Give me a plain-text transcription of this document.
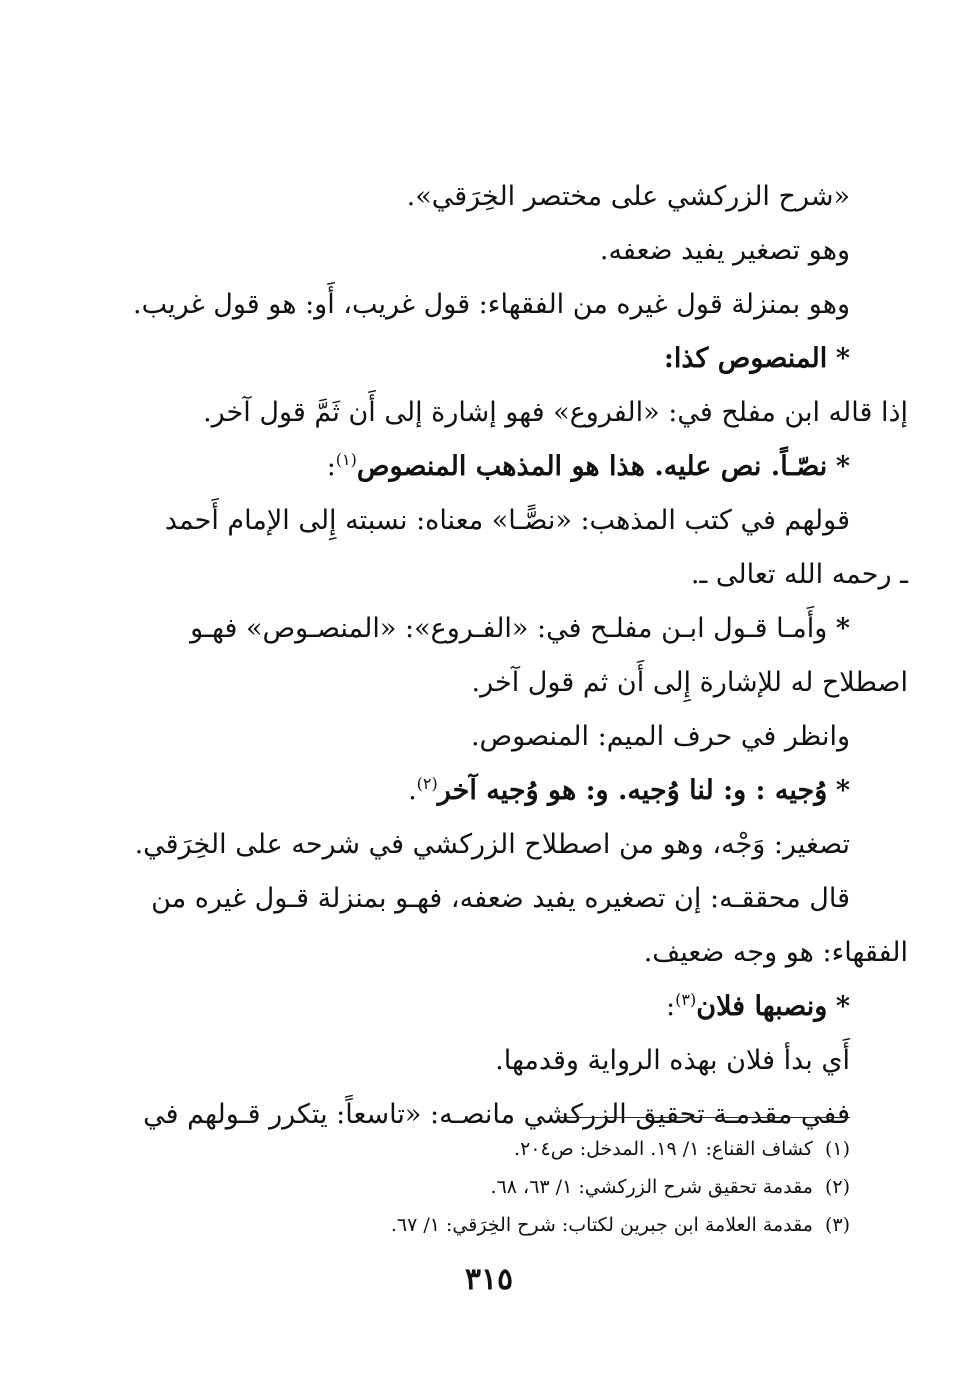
«شرح الزركشي على مختصر الخِرَقي».
وهو تصغير يفيد ضعفه.
وهو بمنزلة قول غيره من الفقهاء: قول غريب، أَو: هو قول غريب.
* المنصوص كذا:
إذا قاله ابن مفلح في: «الفروع» فهو إشارة إلى أَن ثَمَّ قول آخر.
* نصّـاً. نص عليه. هذا هو المذهب المنصوص$^{(١)}$:
قولهم في كتب المذهب: «نصًّـا» معناه: نسبته إِلى الإمام أَحمد
ـ رحمه الله تعالى ـ.
* وأَمـا قـول ابـن مفلـح في: «الفـروع»: «المنصـوص» فهـو
اصطلاح له للإشارة إِلى أَن ثم قول آخر.
وانظر في حرف الميم: المنصوص.
* وُجيه : و: لنا وُجيه. و: هو وُجيه آخر$^{(٢)}$.
تصغير: وَجْه، وهو من اصطلاح الزركشي في شرحه على الخِرَقي.
قال محققـه: إن تصغيره يفيد ضعفه، فهـو بمنزلة قـول غيره من
الفقهاء: هو وجه ضعيف.
* ونصبها فلان$^{(٣)}$:
أَي بدأ فلان بهذه الرواية وقدمها.
ففي مقدمـة تحقيق الزركشي مانصـه: «تاسعاً: يتكرر قـولهم في
(١)كشاف القناع: ١/ ١٩. المدخل: ص٢٠٤.
(٢)مقدمة تحقيق شرح الزركشي: ١/ ٦٣، ٦٨.
(٣)مقدمة العلامة ابن جبرين لكتاب: شرح الخِرَقي: ١/ ٦٧.
٣١٥
